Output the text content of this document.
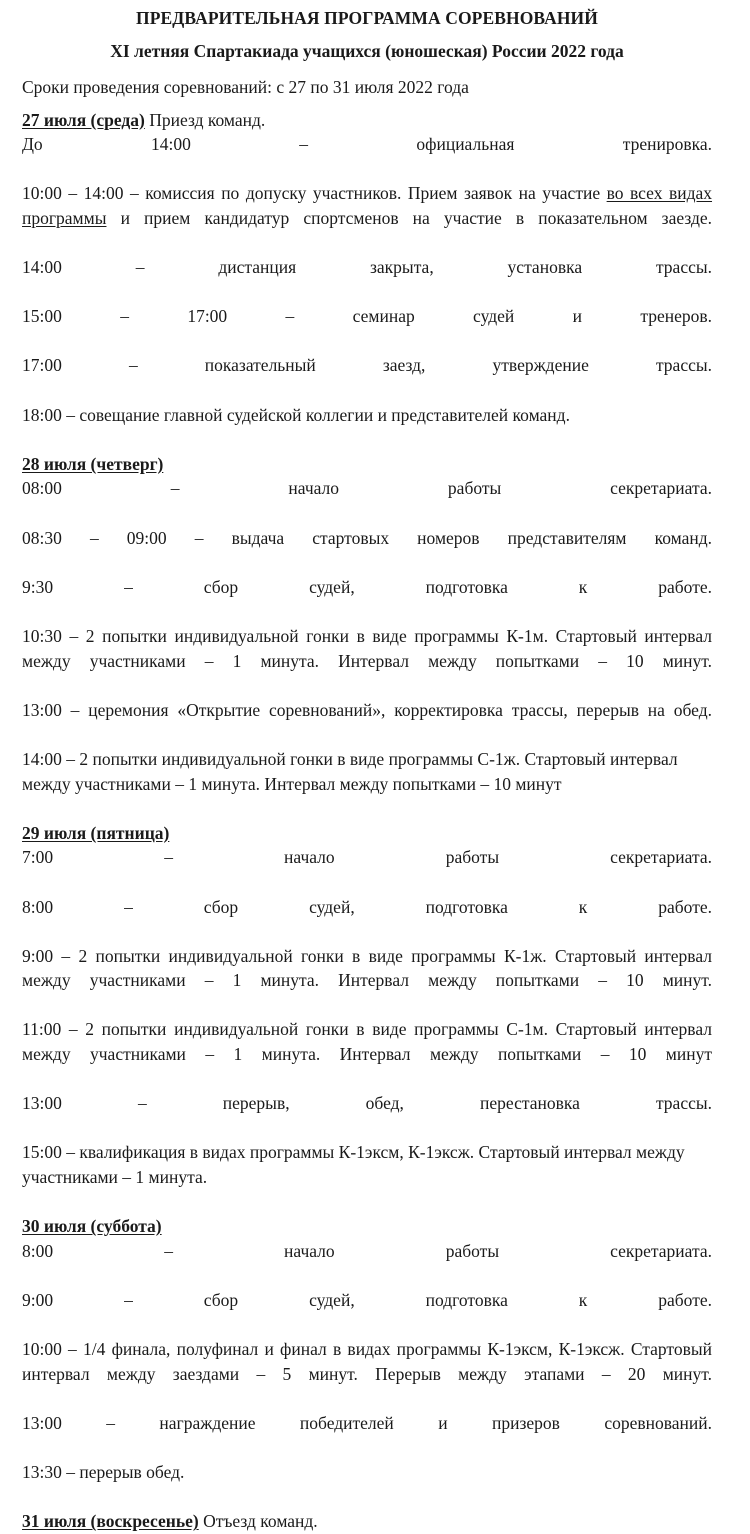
ПРЕДВАРИТЕЛЬНАЯ ПРОГРАММА СОРЕВНОВАНИЙ
XI летняя Спартакиада учащихся (юношеская) России 2022 года

Сроки проведения соревнований: с 27 по 31 июля 2022 года

27 июля (среда) Приезд команд.

До 14:00 – официальная тренировка.

10:00 – 14:00 – комиссия по допуску участников. Прием заявок на участие во всех видах программы и прием кандидатур спортсменов на участие в показательном заезде.

14:00 – дистанция закрыта, установка трассы.

15:00 – 17:00 – семинар судей и тренеров.

17:00 – показательный заезд, утверждение трассы.

18:00 – совещание главной судейской коллегии и представителей команд.

28 июля (четверг)

08:00 – начало работы секретариата.

08:30 – 09:00 – выдача стартовых номеров представителям команд.

9:30 – сбор судей, подготовка к работе.

10:30 – 2 попытки индивидуальной гонки в виде программы К-1м. Стартовый интервал между участниками – 1 минута. Интервал между попытками – 10 минут.

13:00 – церемония «Открытие соревнований», корректировка трассы, перерыв на обед.

14:00 – 2 попытки индивидуальной гонки в виде программы С-1ж. Стартовый интервал между участниками – 1 минута. Интервал между попытками – 10 минут

29 июля (пятница)

7:00 – начало работы секретариата.

8:00 – сбор судей, подготовка к работе.

9:00 – 2 попытки индивидуальной гонки в виде программы К-1ж. Стартовый интервал между участниками – 1 минута. Интервал между попытками – 10 минут.

11:00 – 2 попытки индивидуальной гонки в виде программы С-1м. Стартовый интервал между участниками – 1 минута. Интервал между попытками – 10 минут

13:00 – перерыв, обед, перестановка трассы.

15:00 – квалификация в видах программы К-1эксм, К-1эксж. Стартовый интервал между участниками – 1 минута.

30 июля (суббота)

8:00 – начало работы секретариата.

9:00 – сбор судей, подготовка к работе.

10:00 – 1/4 финала, полуфинал и финал в видах программы К-1эксм, К-1эксж. Стартовый интервал между заездами – 5 минут. Перерыв между этапами – 20 минут.

13:00 – награждение победителей и призеров соревнований.

13:30 – перерыв обед.

31 июля (воскресенье) Отъезд команд.
